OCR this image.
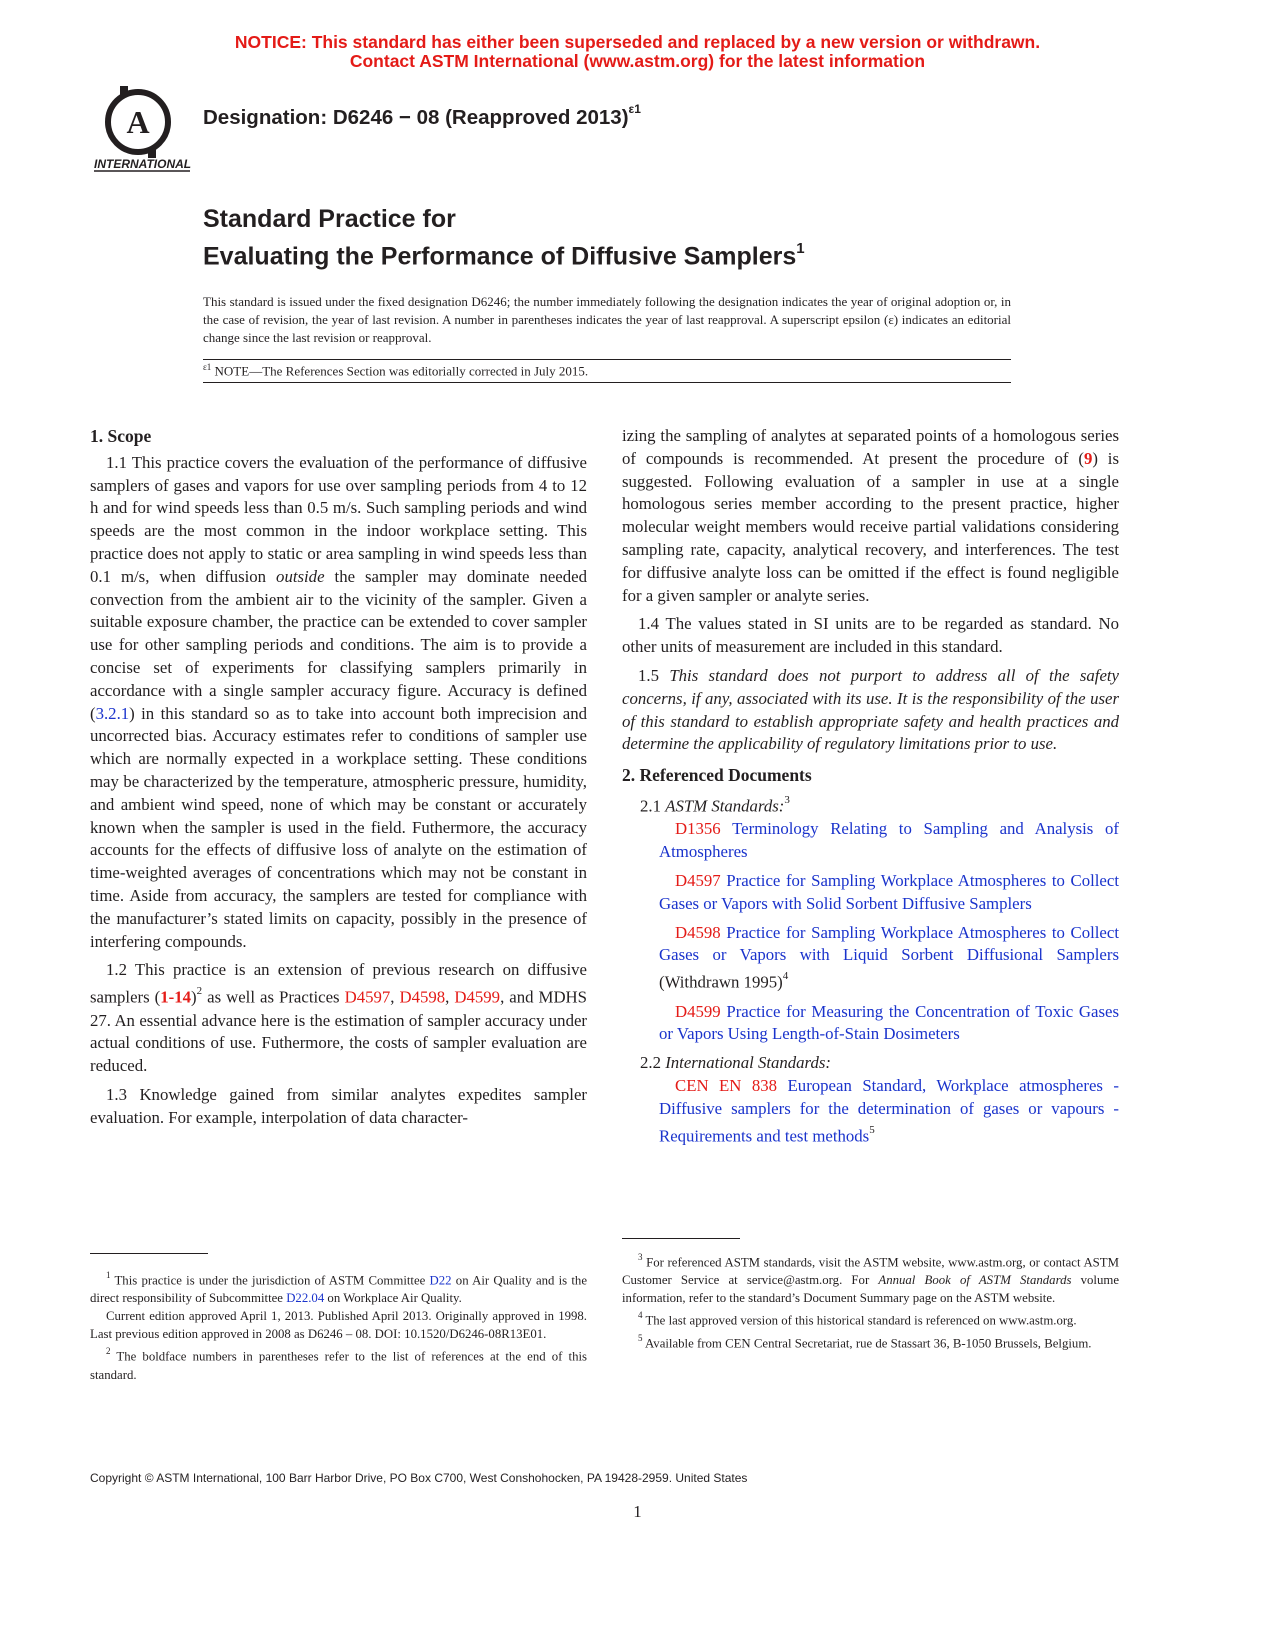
NOTICE: This standard has either been superseded and replaced by a new version or withdrawn.
Contact ASTM International (www.astm.org) for the latest information
A
INTERNATIONAL
Designation: D6246 − 08 (Reapproved 2013)$^{\varepsilon 1}$
Standard Practice for
Evaluating the Performance of Diffusive Samplers$^1$
This standard is issued under the fixed designation D6246; the number immediately following the designation indicates the year of original adoption or, in the case of revision, the year of last revision. A number in parentheses indicates the year of last reapproval. A superscript epsilon (ε) indicates an editorial change since the last revision or reapproval.
$^{\varepsilon 1}$ NOTE—The References Section was editorially corrected in July 2015.
1. Scope

1.1 This practice covers the evaluation of the performance of diffusive samplers of gases and vapors for use over sampling periods from 4 to 12 h and for wind speeds less than 0.5 m/s. Such sampling periods and wind speeds are the most common in the indoor workplace setting. This practice does not apply to static or area sampling in wind speeds less than 0.1 m/s, when diffusion outside the sampler may dominate needed convection from the ambient air to the vicinity of the sampler. Given a suitable exposure chamber, the practice can be extended to cover sampler use for other sampling periods and conditions. The aim is to provide a concise set of experiments for classifying samplers primarily in accordance with a single sampler accuracy figure. Accuracy is defined (3.2.1) in this standard so as to take into account both imprecision and uncorrected bias. Accuracy estimates refer to conditions of sampler use which are normally expected in a workplace setting. These conditions may be characterized by the temperature, atmospheric pressure, humidity, and ambient wind speed, none of which may be constant or accurately known when the sampler is used in the field. Futhermore, the accuracy accounts for the effects of diffusive loss of analyte on the estimation of time-weighted averages of concentrations which may not be constant in time. Aside from accuracy, the samplers are tested for compliance with the manufacturer’s stated limits on capacity, possibly in the presence of interfering compounds.

1.2 This practice is an extension of previous research on diffusive samplers $(1-14)^2$ as well as Practices D4597, D4598, D4599, and MDHS 27. An essential advance here is the estimation of sampler accuracy under actual conditions of use. Futhermore, the costs of sampler evaluation are reduced.

1.3 Knowledge gained from similar analytes expedites sampler evaluation. For example, interpolation of data character-

izing the sampling of analytes at separated points of a homologous series of compounds is recommended. At present the procedure of (9) is suggested. Following evaluation of a sampler in use at a single homologous series member according to the present practice, higher molecular weight members would receive partial validations considering sampling rate, capacity, analytical recovery, and interferences. The test for diffusive analyte loss can be omitted if the effect is found negligible for a given sampler or analyte series.

1.4 The values stated in SI units are to be regarded as standard. No other units of measurement are included in this standard.

1.5 This standard does not purport to address all of the safety concerns, if any, associated with its use. It is the responsibility of the user of this standard to establish appropriate safety and health practices and determine the applicability of regulatory limitations prior to use.

2. Referenced Documents
2.1 ASTM Standards:$^3$

D1356 Terminology Relating to Sampling and Analysis of Atmospheres

D4597 Practice for Sampling Workplace Atmospheres to Collect Gases or Vapors with Solid Sorbent Diffusive Samplers

D4598 Practice for Sampling Workplace Atmospheres to Collect Gases or Vapors with Liquid Sorbent Diffusional Samplers (Withdrawn 1995)$^4$

D4599 Practice for Measuring the Concentration of Toxic Gases or Vapors Using Length-of-Stain Dosimeters

2.2 International Standards:

CEN EN 838 European Standard, Workplace atmospheres - Diffusive samplers for the determination of gases or vapours - Requirements and test methods$^5$

$^1$ This practice is under the jurisdiction of ASTM Committee D22 on Air Quality and is the direct responsibility of Subcommittee D22.04 on Workplace Air Quality.

Current edition approved April 1, 2013. Published April 2013. Originally approved in 1998. Last previous edition approved in 2008 as D6246 – 08. DOI: 10.1520/D6246-08R13E01.

$^2$ The boldface numbers in parentheses refer to the list of references at the end of this standard.

$^3$ For referenced ASTM standards, visit the ASTM website, www.astm.org, or contact ASTM Customer Service at service@astm.org. For Annual Book of ASTM Standards volume information, refer to the standard’s Document Summary page on the ASTM website.

$^4$ The last approved version of this historical standard is referenced on www.astm.org.

$^5$ Available from CEN Central Secretariat, rue de Stassart 36, B-1050 Brussels, Belgium.

Copyright © ASTM International, 100 Barr Harbor Drive, PO Box C700, West Conshohocken, PA 19428-2959. United States
1
